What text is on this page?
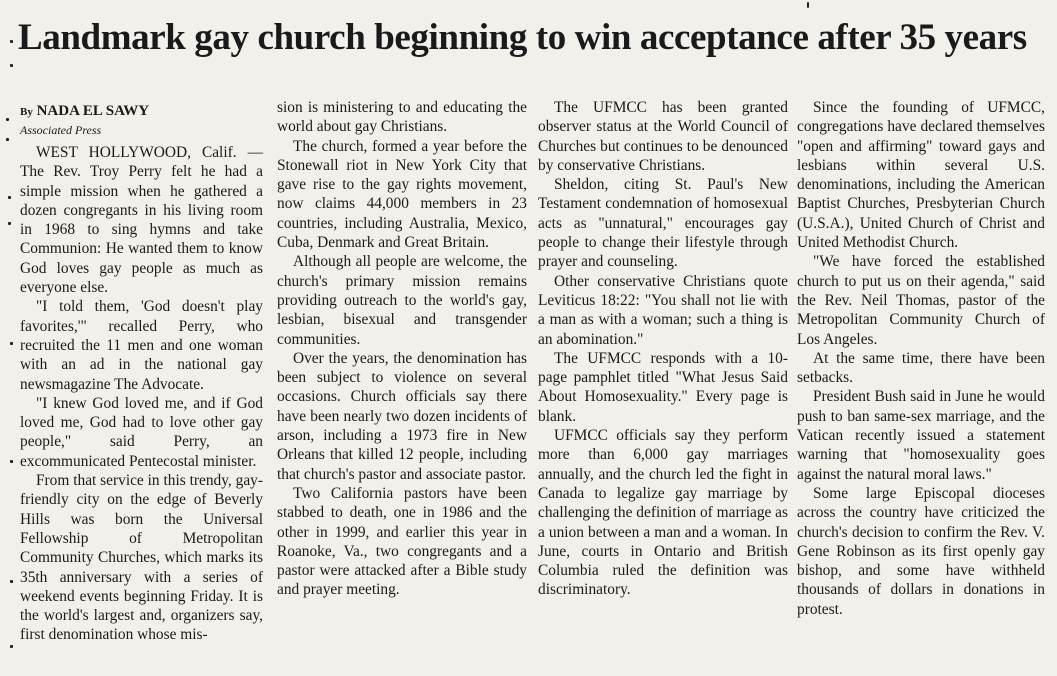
Landmark gay church beginning to win acceptance after 35 years
By NADA EL SAWY
Associated Press

WEST HOLLYWOOD, Calif. — The Rev. Troy Perry felt he had a simple mission when he gathered a dozen congregants in his living room in 1968 to sing hymns and take Communion: He wanted them to know God loves gay people as much as everyone else.

"I told them, 'God doesn't play favorites,'" recalled Perry, who recruited the 11 men and one woman with an ad in the national gay newsmagazine The Advocate.

"I knew God loved me, and if God loved me, God had to love other gay people," said Perry, an excommunicated Pentecostal minister.

From that service in this trendy, gay-friendly city on the edge of Beverly Hills was born the Universal Fellowship of Metropolitan Community Churches, which marks its 35th anniversary with a series of weekend events beginning Friday. It is the world's largest and, organizers say, first denomination whose mis-

sion is ministering to and educating the world about gay Christians.

The church, formed a year before the Stonewall riot in New York City that gave rise to the gay rights movement, now claims 44,000 members in 23 countries, including Australia, Mexico, Cuba, Denmark and Great Britain.

Although all people are welcome, the church's primary mission remains providing outreach to the world's gay, lesbian, bisexual and transgender communities.

Over the years, the denomination has been subject to violence on several occasions. Church officials say there have been nearly two dozen incidents of arson, including a 1973 fire in New Orleans that killed 12 people, including that church's pastor and associate pastor.

Two California pastors have been stabbed to death, one in 1986 and the other in 1999, and earlier this year in Roanoke, Va., two congregants and a pastor were attacked after a Bible study and prayer meeting.

The UFMCC has been granted observer status at the World Council of Churches but continues to be denounced by conservative Christians.

Sheldon, citing St. Paul's New Testament condemnation of homosexual acts as "unnatural," encourages gay people to change their lifestyle through prayer and counseling.

Other conservative Christians quote Leviticus 18:22: "You shall not lie with a man as with a woman; such a thing is an abomination."

The UFMCC responds with a 10-page pamphlet titled "What Jesus Said About Homosexuality." Every page is blank.

UFMCC officials say they perform more than 6,000 gay marriages annually, and the church led the fight in Canada to legalize gay marriage by challenging the definition of marriage as a union between a man and a woman. In June, courts in Ontario and British Columbia ruled the definition was discriminatory.

Since the founding of UFMCC, congregations have declared themselves "open and affirming" toward gays and lesbians within several U.S. denominations, including the American Baptist Churches, Presbyterian Church (U.S.A.), United Church of Christ and United Methodist Church.

"We have forced the established church to put us on their agenda," said the Rev. Neil Thomas, pastor of the Metropolitan Community Church of Los Angeles.

At the same time, there have been setbacks.

President Bush said in June he would push to ban same-sex marriage, and the Vatican recently issued a statement warning that "homosexuality goes against the natural moral laws."

Some large Episcopal dioceses across the country have criticized the church's decision to confirm the Rev. V. Gene Robinson as its first openly gay bishop, and some have withheld thousands of dollars in donations in protest.
